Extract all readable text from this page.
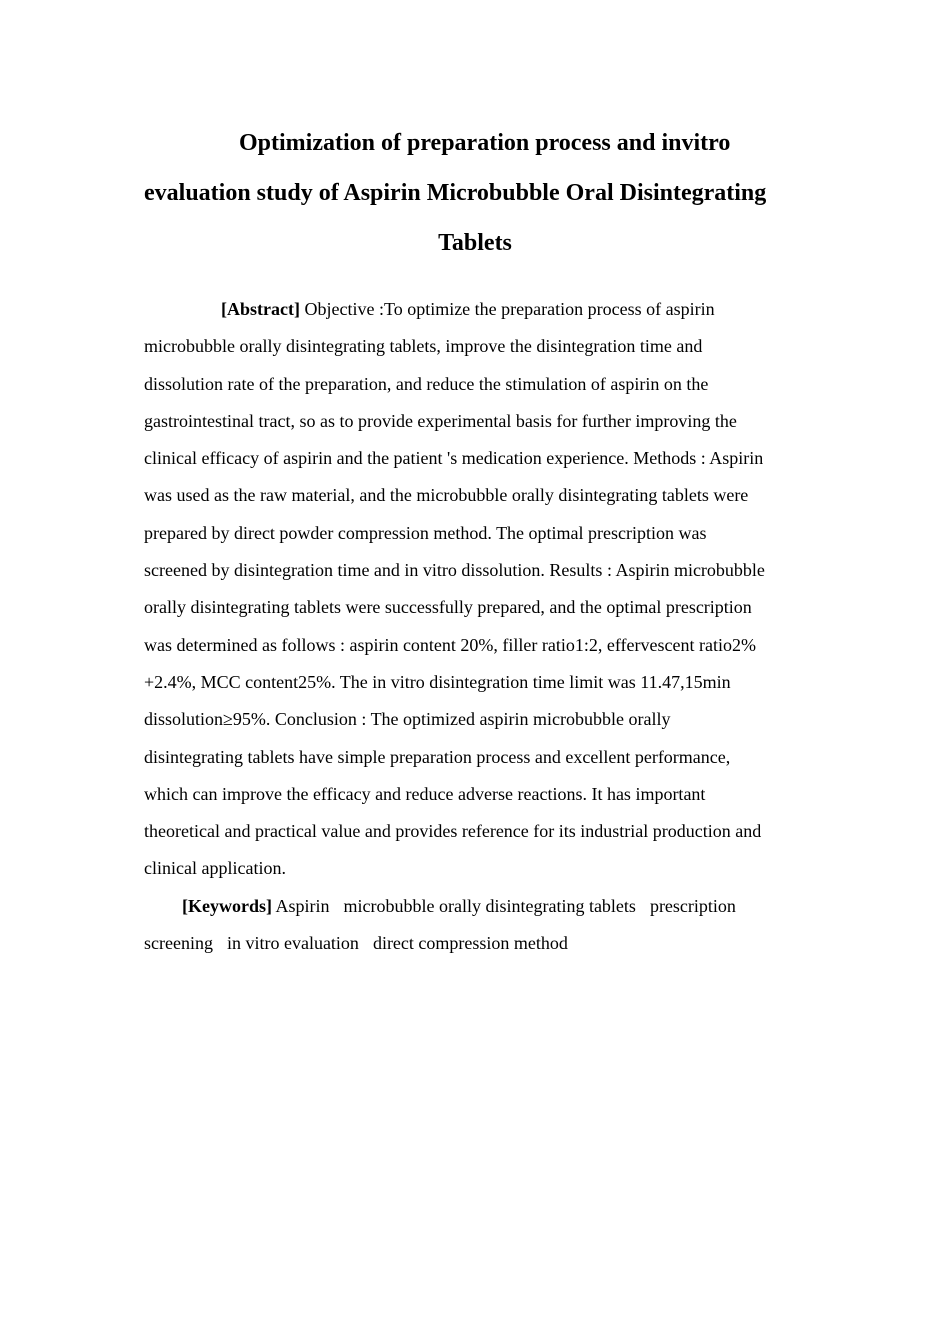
Optimization of preparation process and invitro
evaluation study of Aspirin Microbubble Oral Disintegrating
Tablets
[Abstract] Objective :To optimize the preparation process of aspirin
microbubble orally disintegrating tablets, improve the disintegration time and
dissolution rate of the preparation, and reduce the stimulation of aspirin on the
gastrointestinal tract, so as to provide experimental basis for further improving the
clinical efficacy of aspirin and the patient 's medication experience. Methods : Aspirin
was used as the raw material, and the microbubble orally disintegrating tablets were
prepared by direct powder compression method. The optimal prescription was
screened by disintegration time and in vitro dissolution. Results : Aspirin microbubble
orally disintegrating tablets were successfully prepared, and the optimal prescription
was determined as follows : aspirin content 20%, filler ratio1:2, effervescent ratio2%
+2.4%, MCC content25%. The in vitro disintegration time limit was 11.47,15min
dissolution≥95%. Conclusion : The optimized aspirin microbubble orally
disintegrating tablets have simple preparation process and excellent performance,
which can improve the efficacy and reduce adverse reactions. It has important
theoretical and practical value and provides reference for its industrial production and
clinical application.
[Keywords] Aspirin microbubble orally disintegrating tablets prescription
screening in vitro evaluation direct compression method
